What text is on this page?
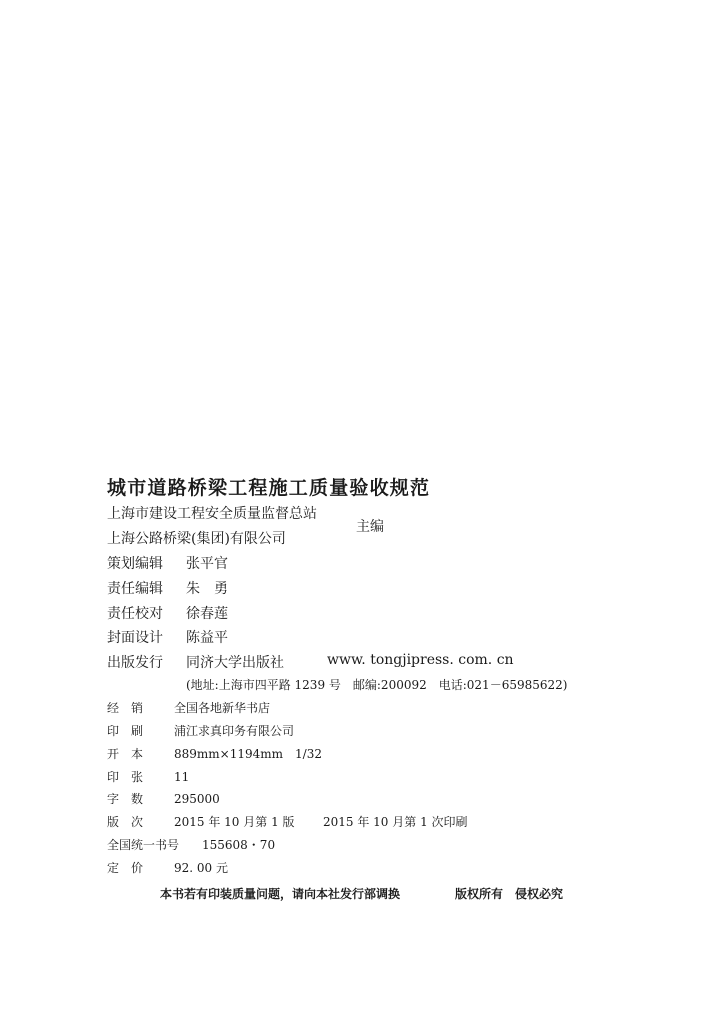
城市道路桥梁工程施工质量验收规范
上海市建设工程安全质量监督总站
上海公路桥梁(集团)有限公司
主编
策划编辑 张平官
责任编辑 朱　勇
责任校对 徐春莲
封面设计 陈益平
出版发行 同济大学出版社	www. tongjipress. com. cn
(地址:上海市四平路 1239 号　邮编:200092　电话:021－65985622)
经　销	全国各地新华书店
印　刷	浦江求真印务有限公司
开　本	889mm×1194mm　1/32
印　张	11
字　数	295000
版　次	2015 年 10 月第 1 版 2015 年 10 月第 1 次印刷
全国统一书号 155608・70
定　价	92. 00 元
本书若有印装质量问题，请向本社发行部调换	版权所有　侵权必究
